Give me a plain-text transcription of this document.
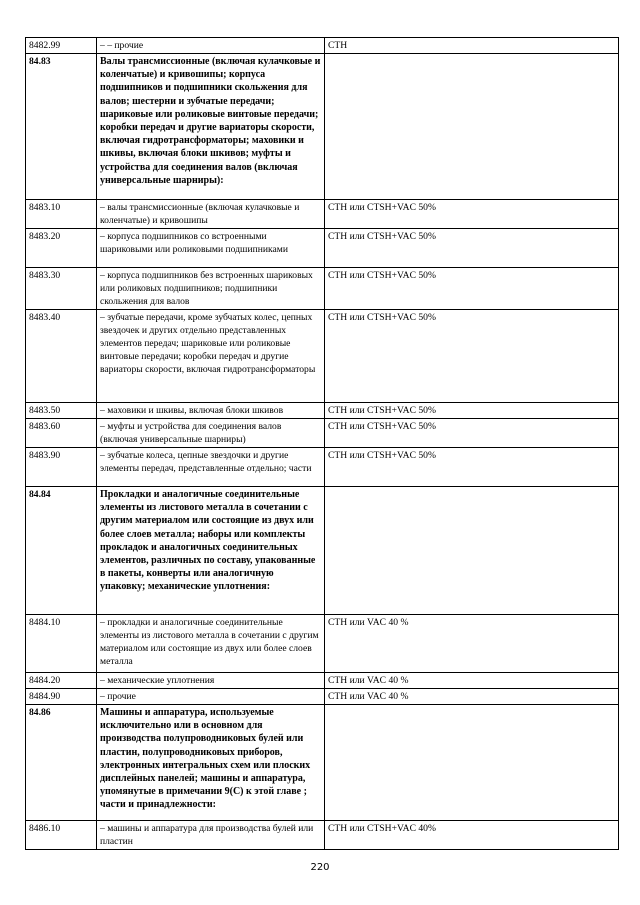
8482.99	– – прочие	СТН
84.83	Валы трансмиссионные (включая кулачковые и коленчатые) и кривошипы; корпуса подшипников и подшипники скольжения для валов; шестерни и зубчатые передачи; шариковые или роликовые винтовые передачи; коробки передач и другие вариаторы скорости, включая гидротрансформаторы; маховики и шкивы, включая блоки шкивов; муфты и устройства для соединения валов (включая универсальные шарниры):	
8483.10	– валы трансмиссионные (включая кулачковые и коленчатые) и кривошипы	СТН или CTSH+VAC 50%
8483.20	– корпуса подшипников со встроенными шариковыми или роликовыми подшипниками	СТН или CTSH+VAC 50%
8483.30	– корпуса подшипников без встроенных шариковых или роликовых подшипников; подшипники скольжения для валов	СТН или CTSH+VAC 50%
8483.40	– зубчатые передачи, кроме зубчатых колес, цепных звездочек и других отдельно представленных элементов передач; шариковые или роликовые винтовые передачи; коробки передач и другие вариаторы скорости, включая гидротрансформаторы	СТН или CTSH+VAC 50%
8483.50	– маховики и шкивы, включая блоки шкивов	СТН или CTSH+VAC 50%
8483.60	– муфты и устройства для соединения валов (включая универсальные шарниры)	СТН или CTSH+VAC 50%
8483.90	– зубчатые колеса, цепные звездочки и другие элементы передач, представленные отдельно; части	СТН или CTSH+VAC 50%
84.84	Прокладки и аналогичные соединительные элементы из листового металла в сочетании с другим материалом или состоящие из двух или более слоев металла; наборы или комплекты прокладок и аналогичных соединительных элементов, различных по составу, упакованные в пакеты, конверты или аналогичную упаковку; механические уплотнения:	
8484.10	– прокладки и аналогичные соединительные элементы из листового металла в сочетании с другим материалом или состоящие из двух или более слоев металла	СТН или VAC 40 %
8484.20	– механические уплотнения	СТН или VAC 40 %
8484.90	– прочие	СТН или VAC 40 %
84.86	Машины и аппаратура, используемые исключительно или в основном для производства полупроводниковых булей или пластин, полупроводниковых приборов, электронных интегральных схем или плоских дисплейных панелей; машины и аппаратура, упомянутые в примечании 9(С) к этой главе ; части и принадлежности:	
8486.10	– машины и аппаратура для производства булей или пластин	СТН или CTSH+VAC 40%
220
